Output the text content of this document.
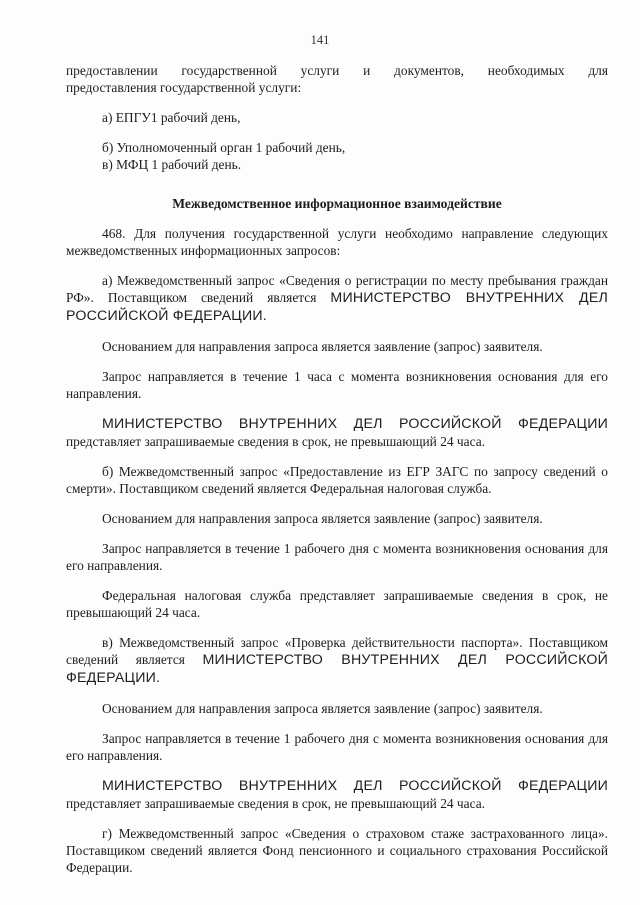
141

предоставлении государственной услуги и документов, необходимых для

предоставления государственной услуги:

а) ЕПГУ1 рабочий день,

б) Уполномоченный орган 1 рабочий день,

в) МФЦ 1 рабочий день.

Межведомственное информационное взаимодействие

468. Для получения государственной услуги необходимо направление следующих межведомственных информационных запросов:

а) Межведомственный запрос «Сведения о регистрации по месту пребывания граждан РФ». Поставщиком сведений является МИНИСТЕРСТВО ВНУТРЕННИХ ДЕЛ РОССИЙСКОЙ ФЕДЕРАЦИИ.

Основанием для направления запроса является заявление (запрос) заявителя.

Запрос направляется в течение 1 часа с момента возникновения основания для его направления.

МИНИСТЕРСТВО ВНУТРЕННИХ ДЕЛ РОССИЙСКОЙ ФЕДЕРАЦИИ представляет запрашиваемые сведения в срок, не превышающий 24 часа.

б) Межведомственный запрос «Предоставление из ЕГР ЗАГС по запросу сведений о смерти». Поставщиком сведений является Федеральная налоговая служба.

Основанием для направления запроса является заявление (запрос) заявителя.

Запрос направляется в течение 1 рабочего дня с момента возникновения основания для его направления.

Федеральная налоговая служба представляет запрашиваемые сведения в срок, не превышающий 24 часа.

в) Межведомственный запрос «Проверка действительности паспорта». Поставщиком сведений является МИНИСТЕРСТВО ВНУТРЕННИХ ДЕЛ РОССИЙСКОЙ ФЕДЕРАЦИИ.

Основанием для направления запроса является заявление (запрос) заявителя.

Запрос направляется в течение 1 рабочего дня с момента возникновения основания для его направления.

МИНИСТЕРСТВО ВНУТРЕННИХ ДЕЛ РОССИЙСКОЙ ФЕДЕРАЦИИ представляет запрашиваемые сведения в срок, не превышающий 24 часа.

г) Межведомственный запрос «Сведения о страховом стаже застрахованного лица». Поставщиком сведений является Фонд пенсионного и социального страхования Российской Федерации.
